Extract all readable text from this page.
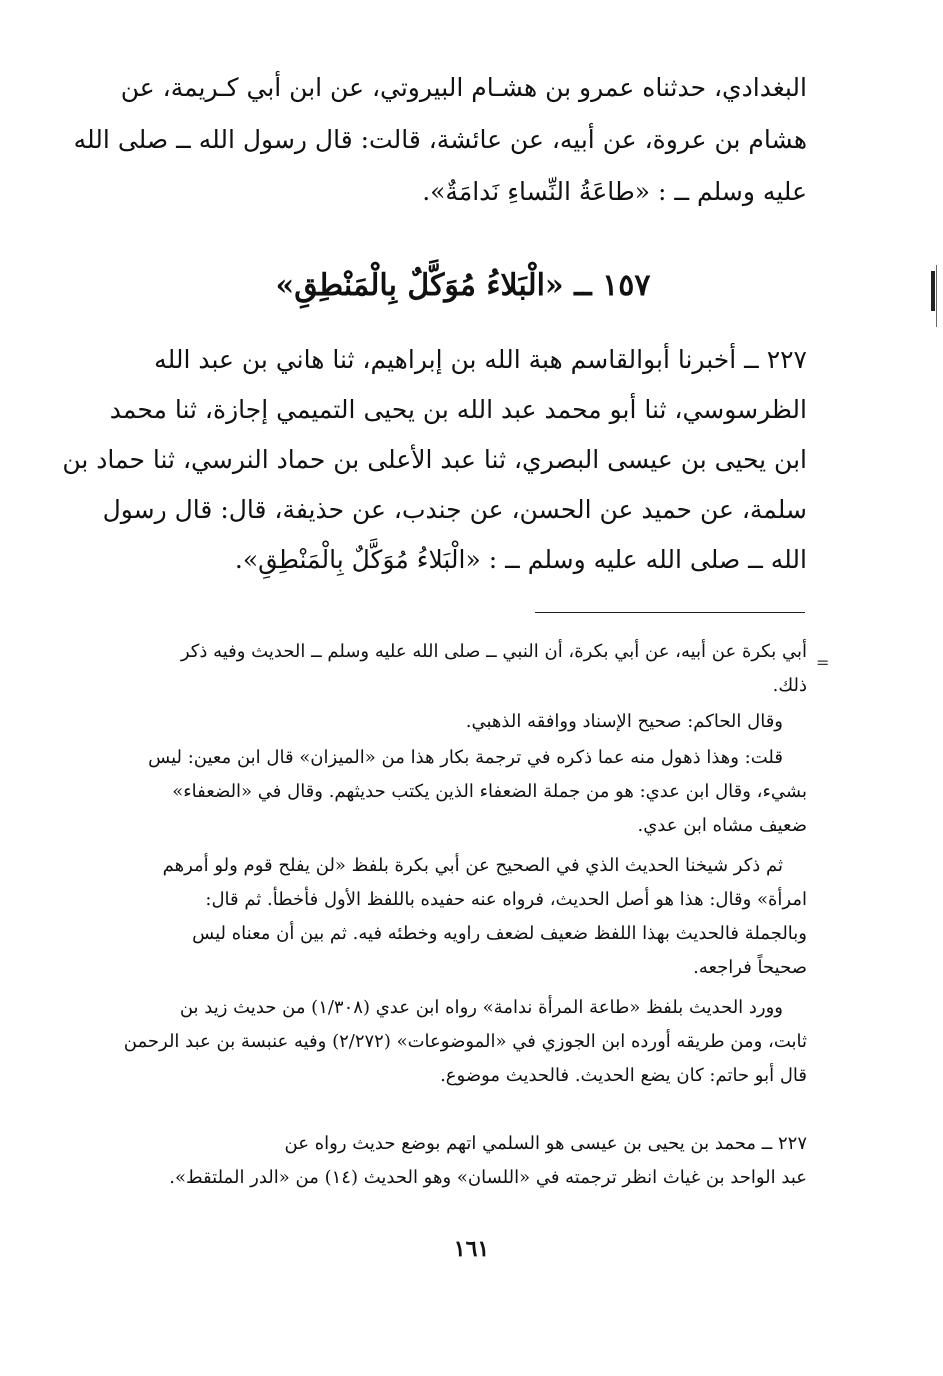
البغدادي، حدثناه عمرو بن هشـام البيروتي، عن ابن أبي كـريمة، عن
هشام بن عروة، عن أبيه، عن عائشة، قالت: قال رسول الله ــ صلى الله
عليه وسلم ــ : «طاعَةُ النِّساءِ نَدامَةٌ».
١٥٧ ــ «الْبَلاءُ مُوَكَّلٌ بِالْمَنْطِقِ»
٢٢٧ ــ أخبرنا أبوالقاسم هبة الله بن إبراهيم، ثنا هاني بن عبد الله
الظرسوسي، ثنا أبو محمد عبد الله بن يحيى التميمي إجازة، ثنا محمد
ابن يحيى بن عيسى البصري، ثنا عبد الأعلى بن حماد النرسي، ثنا حماد بن
سلمة، عن حميد عن الحسن، عن جندب، عن حذيفة، قال: قال رسول
الله ــ صلى الله عليه وسلم ــ : «الْبَلاءُ مُوَكَّلٌ بِالْمَنْطِقِ».
=
أبي بكرة عن أبيه، عن أبي بكرة، أن النبي ــ صلى الله عليه وسلم ــ الحديث وفيه ذكر
ذلك.
وقال الحاكم: صحيح الإسناد ووافقه الذهبي.
قلت: وهذا ذهول منه عما ذكره في ترجمة بكار هذا من «الميزان» قال ابن معين: ليس
بشيء، وقال ابن عدي: هو من جملة الضعفاء الذين يكتب حديثهم. وقال في «الضعفاء»
ضعيف مشاه ابن عدي.
ثم ذكر شيخنا الحديث الذي في الصحيح عن أبي بكرة بلفظ «لن يفلح قوم ولو أمرهم
امرأة» وقال: هذا هو أصل الحديث، فرواه عنه حفيده باللفظ الأول فأخطأ. ثم قال:
وبالجملة فالحديث بهذا اللفظ ضعيف لضعف راويه وخطئه فيه. ثم بين أن معناه ليس
صحيحاً فراجعه.
وورد الحديث بلفظ «طاعة المرأة ندامة» رواه ابن عدي (١/٣٠٨) من حديث زيد بن
ثابت، ومن طريقه أورده ابن الجوزي في «الموضوعات» (٢/٢٧٢) وفيه عنبسة بن عبد الرحمن
قال أبو حاتم: كان يضع الحديث. فالحديث موضوع.
٢٢٧ ــ محمد بن يحيى بن عيسى هو السلمي اتهم بوضع حديث رواه عن
عبد الواحد بن غياث انظر ترجمته في «اللسان» وهو الحديث (١٤) من «الدر الملتقط».
١٦١
